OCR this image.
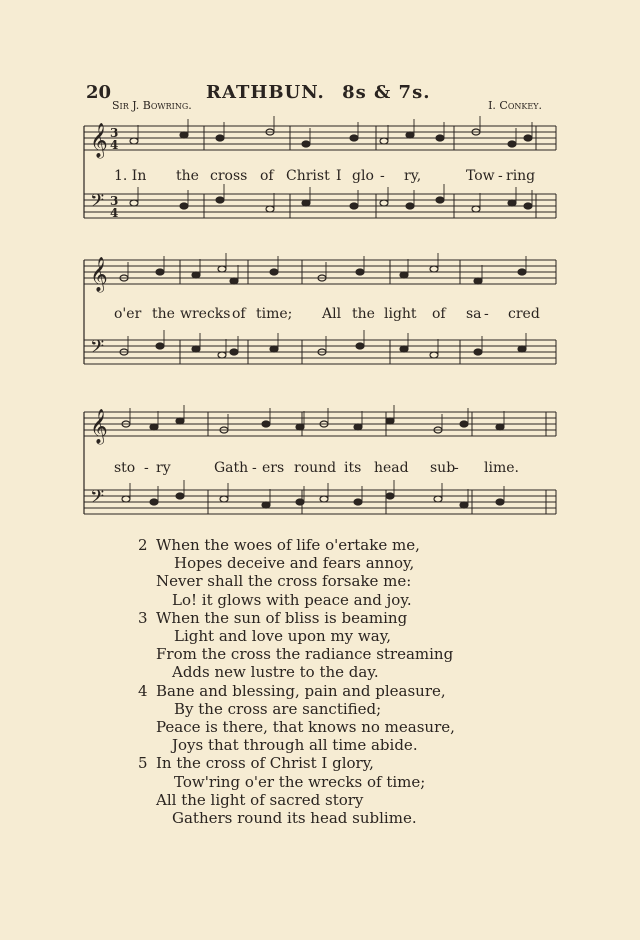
20	RATHBUN. 8s & 7s.
Sir J. Bowring.	I. Conkey.
𝄞
𝄢
3
4
3
4
1. In the cross of Christ I glo - ry,	Tow - ring
𝄞
𝄢
o'er the wrecks of time; All the light of sa - cred
𝄞
𝄢
sto - ry	Gath - ers round its head sub
- lime.
2 When the woes of life o'ertake me,
Hopes deceive and fears annoy,
Never shall the cross forsake me:
Lo! it glows with peace and joy.
3 When the sun of bliss is beaming
Light and love upon my way,
From the cross the radiance streaming
Adds new lustre to the day.
4 Bane and blessing, pain and pleasure,
By the cross are sanctified;
Peace is there, that knows no measure,
Joys that through all time abide.
5 In the cross of Christ I glory,
Tow'ring o'er the wrecks of time;
All the light of sacred story
Gathers round its head sublime.
